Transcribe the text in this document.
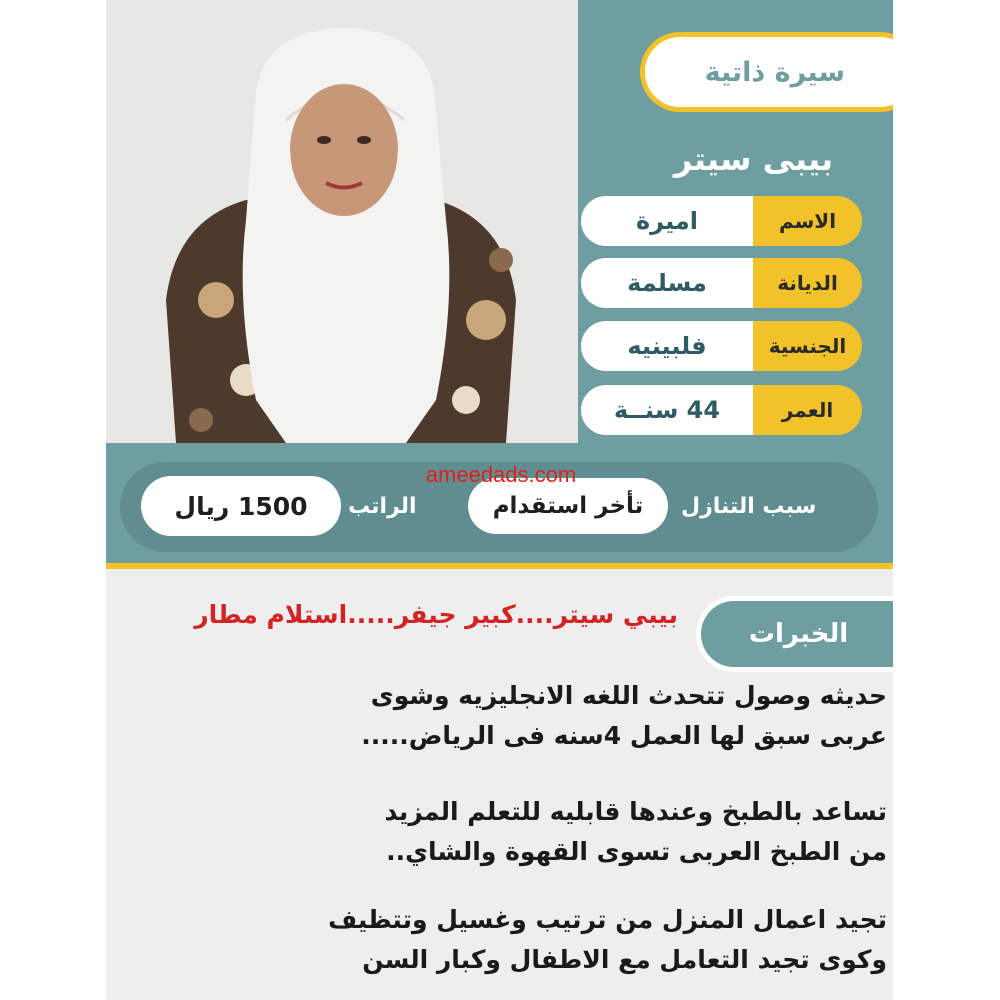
سيرة ذاتية
بيبى سيتر
اميرة	الاسم
مسلمة	الديانة
فلبينيه	الجنسية
44 سنــة	العمر
سبب التنازل
تأخر استقدام
الراتب
1500 ريال
ameedads.com
الخبرات
بيبي سيتر....كبير جيفر.....استلام مطار
حديثه وصول تتحدث اللغه الانجليزيه وشوى
عربى سبق لها العمل 4سنه فى الرياض.....
تساعد بالطبخ وعندها قابليه للتعلم المزيد
من الطبخ العربى تسوى القهوة والشاي..
تجيد اعمال المنزل من ترتيب وغسيل وتتظيف
وكوى تجيد التعامل مع الاطفال وكبار السن
